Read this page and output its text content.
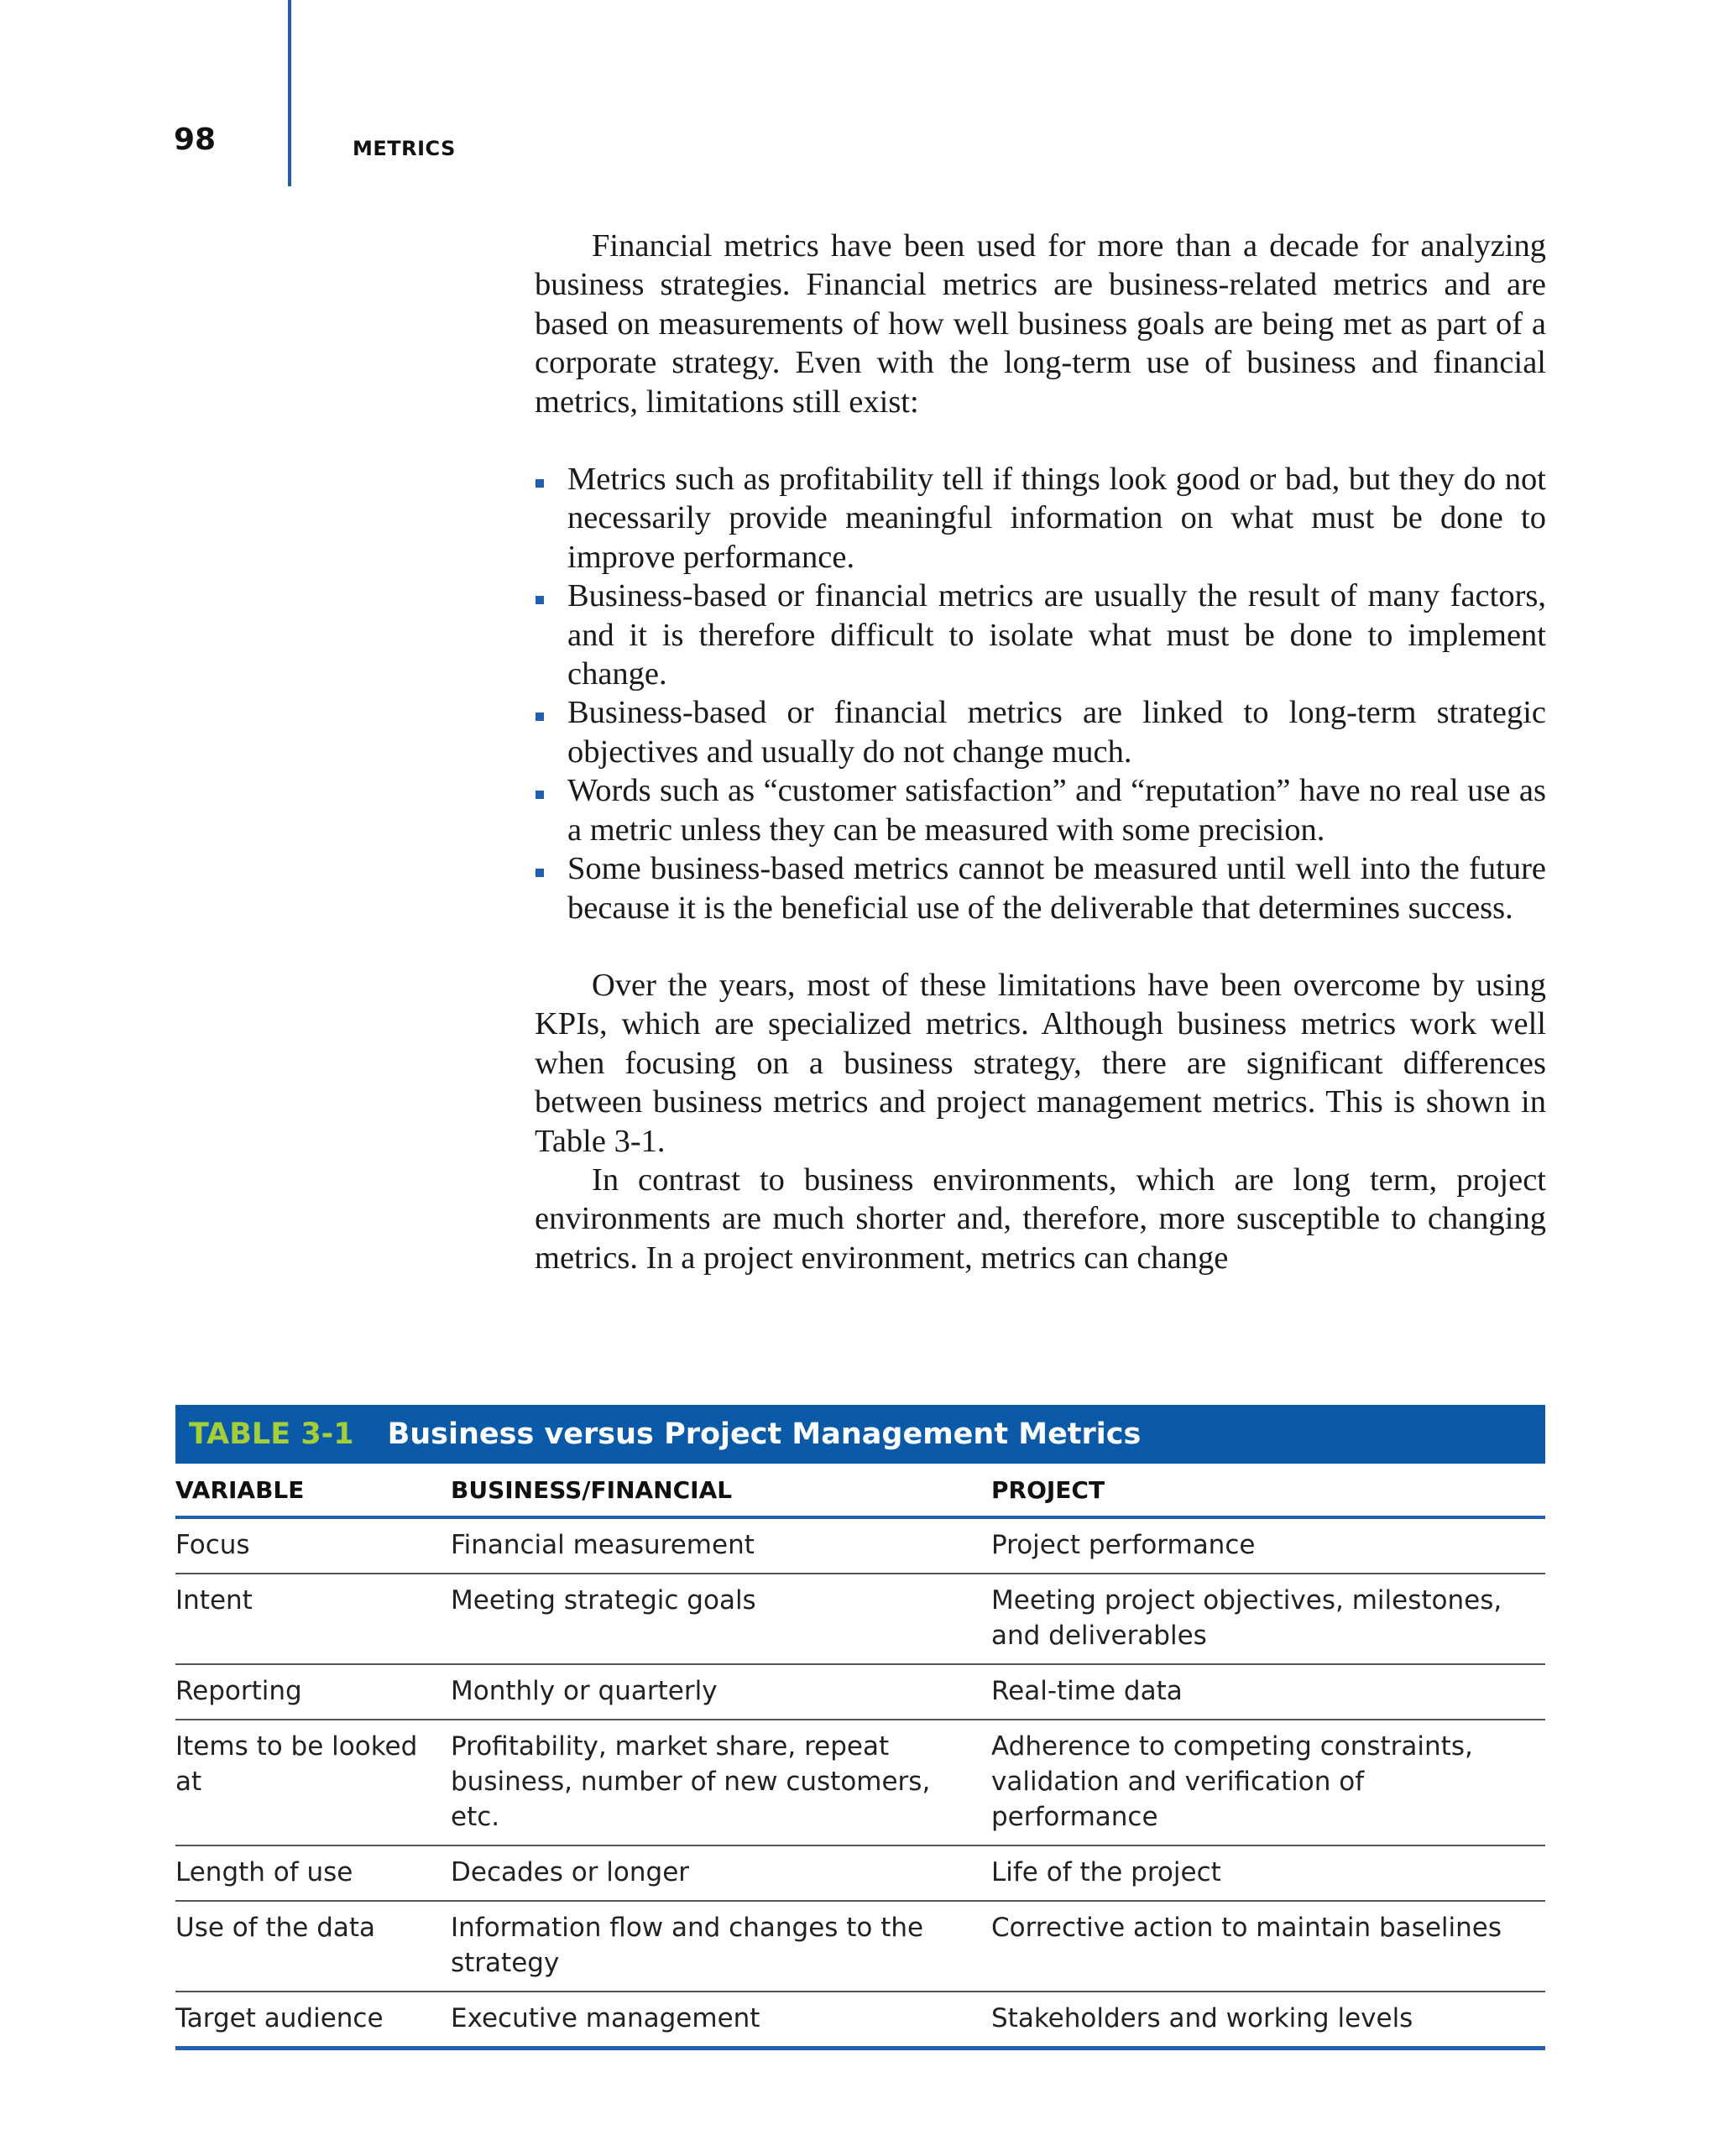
98	METRICS

Financial metrics have been used for more than a decade for analyzing business strategies. Financial metrics are business-related metrics and are based on measurements of how well business goals are being met as part of a corporate strategy. Even with the long-term use of business and financial metrics, limitations still exist:

Metrics such as profitability tell if things look good or bad, but they do not necessarily provide meaningful information on what must be done to improve performance.
Business-based or financial metrics are usually the result of many factors, and it is therefore difficult to isolate what must be done to implement change.
Business-based or financial metrics are linked to long-term strategic objectives and usually do not change much.
Words such as “customer satisfaction” and “reputation” have no real use as a metric unless they can be measured with some precision.
Some business-based metrics cannot be measured until well into the future because it is the beneficial use of the deliverable that determines success.

Over the years, most of these limitations have been overcome by using KPIs, which are specialized metrics. Although business metrics work well when focusing on a business strategy, there are significant differences between business metrics and project management metrics. This is shown in Table 3-1.

In contrast to business environments, which are long term, project environments are much shorter and, therefore, more susceptible to changing metrics. In a project environment, metrics can change

TABLE 3-1 Business versus Project Management Metrics
VARIABLE	BUSINESS/FINANCIAL	PROJECT
Focus	Financial measurement	Project performance
Intent	Meeting strategic goals	Meeting project objectives, milestones, and deliverables
Reporting	Monthly or quarterly	Real-time data
Items to be looked at	Profitability, market share, repeat business, number of new customers, etc.	Adherence to competing constraints, validation and verification of performance
Length of use	Decades or longer	Life of the project
Use of the data	Information flow and changes to the strategy	Corrective action to maintain baselines
Target audience	Executive management	Stakeholders and working levels
